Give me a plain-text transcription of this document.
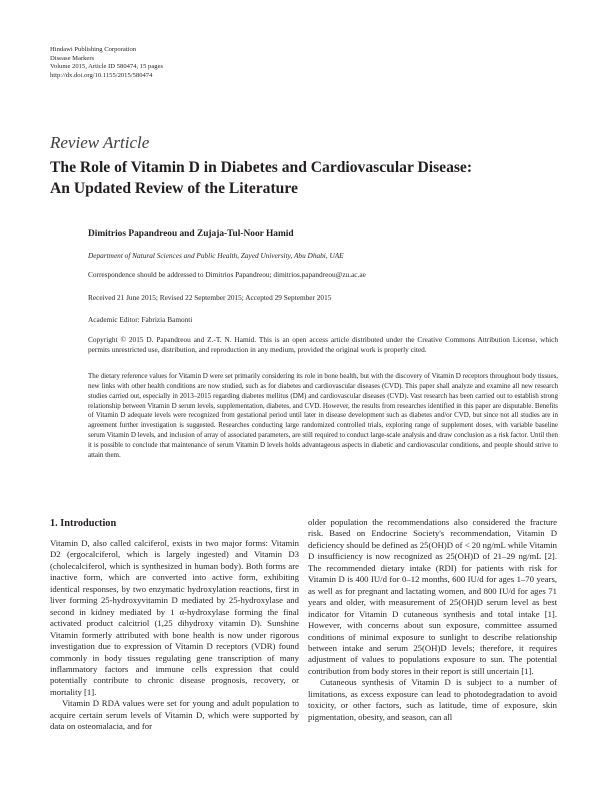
Hindawi Publishing Corporation
Disease Markers
Volume 2015, Article ID 580474, 15 pages
http://dx.doi.org/10.1155/2015/580474
Review Article
The Role of Vitamin D in Diabetes and Cardiovascular Disease:
An Updated Review of the Literature
Dimitrios Papandreou and Zujaja-Tul-Noor Hamid
Department of Natural Sciences and Public Health, Zayed University, Abu Dhabi, UAE
Correspondence should be addressed to Dimitrios Papandreou; dimitrios.papandreou@zu.ac.ae
Received 21 June 2015; Revised 22 September 2015; Accepted 29 September 2015
Academic Editor: Fabrizia Bamonti
Copyright © 2015 D. Papandreou and Z.-T. N. Hamid. This is an open access article distributed under the Creative Commons Attribution License, which permits unrestricted use, distribution, and reproduction in any medium, provided the original work is properly cited.
The dietary reference values for Vitamin D were set primarily considering its role in bone health, but with the discovery of Vitamin D receptors throughout body tissues, new links with other health conditions are now studied, such as for diabetes and cardiovascular diseases (CVD). This paper shall analyze and examine all new research studies carried out, especially in 2013–2015 regarding diabetes mellitus (DM) and cardiovascular diseases (CVD). Vast research has been carried out to establish strong relationship between Vitamin D serum levels, supplementation, diabetes, and CVD. However, the results from researches identified in this paper are disputable. Benefits of Vitamin D adequate levels were recognized from gestational period until later in disease development such as diabetes and/or CVD, but since not all studies are in agreement further investigation is suggested. Researches conducting large randomized controlled trials, exploring range of supplement doses, with variable baseline serum Vitamin D levels, and inclusion of array of associated parameters, are still required to conduct large-scale analysis and draw conclusion as a risk factor. Until then it is possible to conclude that maintenance of serum Vitamin D levels holds advantageous aspects in diabetic and cardiovascular conditions, and people should strive to attain them.
1. Introduction

Vitamin D, also called calciferol, exists in two major forms: Vitamin D2 (ergocalciferol, which is largely ingested) and Vitamin D3 (cholecalciferol, which is synthesized in human body). Both forms are inactive form, which are converted into active form, exhibiting identical responses, by two enzymatic hydroxylation reactions, first in liver forming 25-hydroxyvitamin D mediated by 25-hydroxylase and second in kidney mediated by 1 α-hydroxylase forming the final activated product calcitriol (1,25 dihydroxy vitamin D). Sunshine Vitamin formerly attributed with bone health is now under rigorous investigation due to expression of Vitamin D receptors (VDR) found commonly in body tissues regulating gene transcription of many inflammatory factors and immune cells expression that could potentially contribute to chronic disease prognosis, recovery, or mortality [1].

Vitamin D RDA values were set for young and adult population to acquire certain serum levels of Vitamin D, which were supported by data on osteomalacia, and for

older population the recommendations also considered the fracture risk. Based on Endocrine Society's recommendation, Vitamin D deficiency should be defined as 25(OH)D of < 20 ng/mL while Vitamin D insufficiency is now recognized as 25(OH)D of 21–29 ng/mL [2]. The recommended dietary intake (RDI) for patients with risk for Vitamin D is 400 IU/d for 0–12 months, 600 IU/d for ages 1–70 years, as well as for pregnant and lactating women, and 800 IU/d for ages 71 years and older, with measurement of 25(OH)D serum level as best indicator for Vitamin D cutaneous synthesis and total intake [1]. However, with concerns about sun exposure, committee assumed conditions of minimal exposure to sunlight to describe relationship between intake and serum 25(OH)D levels; therefore, it requires adjustment of values to populations exposure to sun. The potential contribution from body stores in their report is still uncertain [1].

Cutaneous synthesis of Vitamin D is subject to a number of limitations, as excess exposure can lead to photodegradation to avoid toxicity, or other factors, such as latitude, time of exposure, skin pigmentation, obesity, and season, can all
